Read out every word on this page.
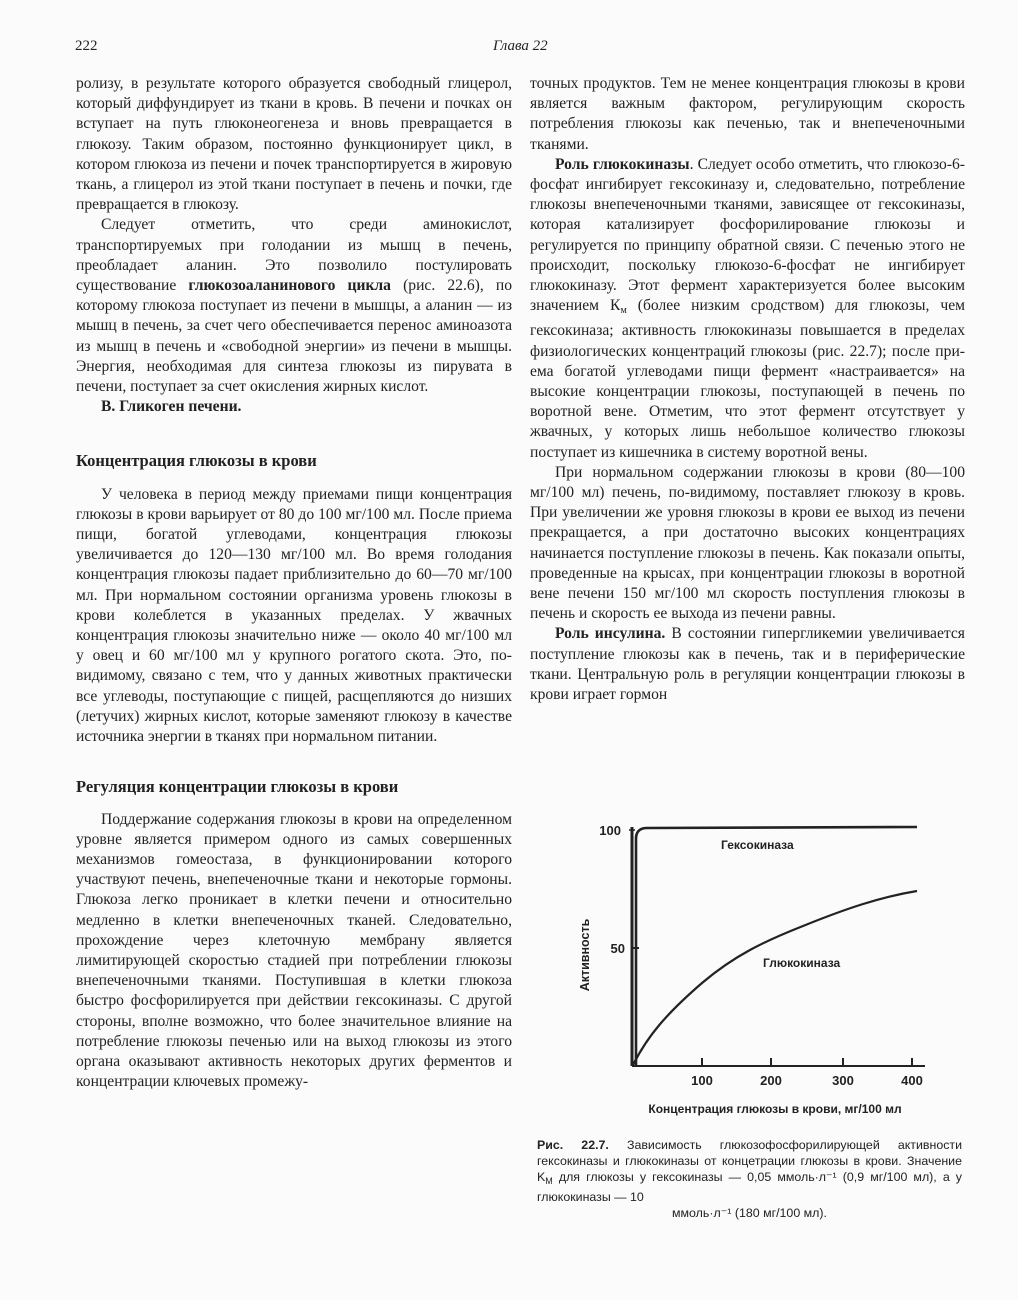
222	Глава 22

ролизу, в результате которого образуется свободный глицерол, который диффундирует из ткани в кровь. В печени и почках он вступает на путь глюконеогенеза и вновь превращается в глюкозу. Таким образом, постоянно функционирует цикл, в котором глюкоза из печени и почек транспортируется в жировую ткань, а глицерол из этой ткани поступает в печень и почки, где превращается в глюкозу.

Следует отметить, что среди аминокислот, транспортируемых при голодании из мышц в печень, преобладает аланин. Это позволило постулировать существование глюкозоаланинового цикла (рис. 22.6), по которому глюкоза поступает из печени в мышцы, а аланин — из мышц в печень, за счет чего обеспечивается перенос аминоазота из мышц в печень и «свободной энергии» из печени в мышцы. Энергия, необходимая для синтеза глюкозы из пирувата в печени, поступает за счет окисления жирных кислот.

В. Гликоген печени.

Концентрация глюкозы в крови

У человека в период между приемами пищи концентрация глюкозы в крови варьирует от 80 до 100 мг/100 мл. После приема пищи, богатой углеводами, концентрация глюкозы увеличивается до 120—130 мг/100 мл. Во время голодания концентрация глюкозы падает приблизительно до 60—70 мг/100 мл. При нормальном состоянии организма уровень глюкозы в крови колеблется в указанных пределах. У жвачных концентрация глюкозы значительно ниже — около 40 мг/100 мл у овец и 60 мг/100 мл у крупного рогатого скота. Это, по-видимому, связано с тем, что у данных животных практически все углеводы, поступающие с пищей, расщепляются до низших (летучих) жирных кислот, которые заменяют глюкозу в качестве источника энергии в тканях при нормальном питании.

Регуляция концентрации глюкозы в крови

Поддержание содержания глюкозы в крови на определенном уровне является примером одного из самых совершенных механизмов гомеостаза, в функционировании которого участвуют печень, внепеченочные ткани и некоторые гормоны. Глюкоза легко проникает в клетки печени и относительно медленно в клетки внепеченочных тканей. Следовательно, прохождение через клеточную мембрану является лимитирующей скоростью стадией при потреблении глюкозы внепеченочными тканями. Поступившая в клетки глюкоза быстро фосфорилируется при действии гексокиназы. С другой стороны, вполне возможно, что более значительное влияние на потребление глюкозы печенью или на выход глюкозы из этого органа оказывают активность некоторых других ферментов и концентрации ключевых промежу-

точных продуктов. Тем не менее концентрация глюкозы в крови является важным фактором, регулирующим скорость потребления глюкозы как печенью, так и внепеченочными тканями.

Роль глюкокиназы. Следует особо отметить, что глюкозо-6-фосфат ингибирует гексокиназу и, следовательно, потребление глюкозы внепеченочными тканями, зависящее от гексокиназы, которая катализирует фосфорилирование глюкозы и регулируется по принципу обратной связи. С печенью этого не происходит, поскольку глюкозо-6-фосфат не ингибирует глюкокиназу. Этот фермент характеризуется более высоким значением $К_м$ (более низким сродством) для глюкозы, чем гексокиназа; активность глюкокиназы повышается в пределах физиологических концентраций глюкозы (рис. 22.7); после приема богатой углеводами пищи фермент «настраивается» на высокие концентрации глюкозы, поступающей в печень по воротной вене. Отметим, что этот фермент отсутствует у жвачных, у которых лишь небольшое количество глюкозы поступает из кишечника в систему воротной вены.

При нормальном содержании глюкозы в крови (80—100 мг/100 мл) печень, по-видимому, поставляет глюкозу в кровь. При увеличении же уровня глюкозы в крови ее выход из печени прекращается, а при достаточно высоких концентрациях начинается поступление глюкозы в печень. Как показали опыты, проведенные на крысах, при концентрации глюкозы в воротной вене печени 150 мг/100 мл скорость поступления глюкозы в печень и скорость ее выхода из печени равны.

Роль инсулина. В состоянии гипергликемии увеличивается поступление глюкозы как в печень, так и в периферические ткани. Центральную роль в регуляции концентрации глюкозы в крови играет гормон

100
50
100	200	300	400
Активность
Концентрация глюкозы в крови, мг/100 мл
Гексокиназа
Глюкокиназа
Рис. 22.7. Зависимость глюкозофосфорилирующей активности гексокиназы и глюкокиназы от концетрации глюкозы в крови. Значение $K_M$ для глюкозы у гексокиназы — 0,05 ммоль·л⁻¹ (0,9 мг/100 мл), а у глюкокиназы — 10
ммоль·л⁻¹ (180 мг/100 мл).
